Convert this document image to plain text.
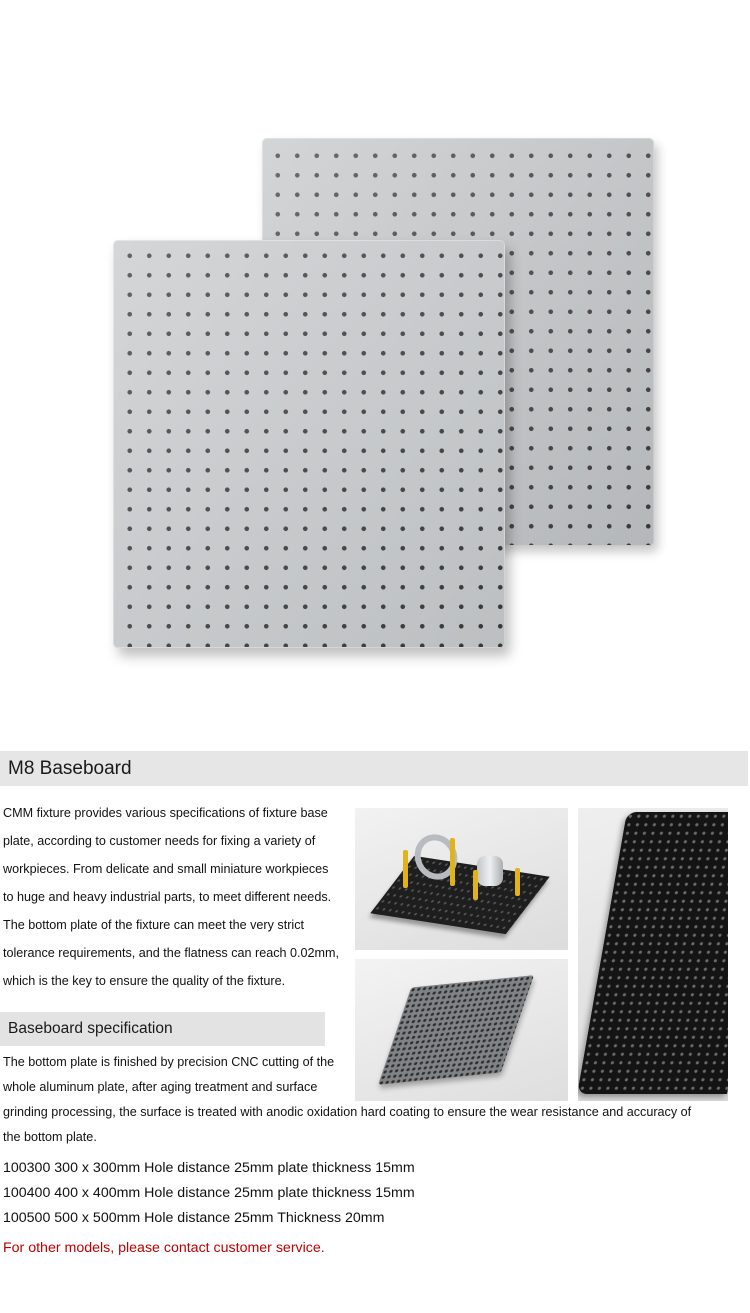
M8 Baseboard
CMM fixture provides various specifications of fixture base
plate, according to customer needs for fixing a variety of
workpieces. From delicate and small miniature workpieces
to huge and heavy industrial parts, to meet different needs.
The bottom plate of the fixture can meet the very strict
tolerance requirements, and the flatness can reach 0.02mm,
which is the key to ensure the quality of the fixture.
Baseboard specification
The bottom plate is finished by precision CNC cutting of the
whole aluminum plate, after aging treatment and surface
grinding processing, the surface is treated with anodic oxidation hard coating to ensure the wear resistance and accuracy of
the bottom plate.
100300 300 x 300mm Hole distance 25mm plate thickness 15mm
100400 400 x 400mm Hole distance 25mm plate thickness 15mm
100500 500 x 500mm Hole distance 25mm Thickness 20mm
For other models, please contact customer service.
